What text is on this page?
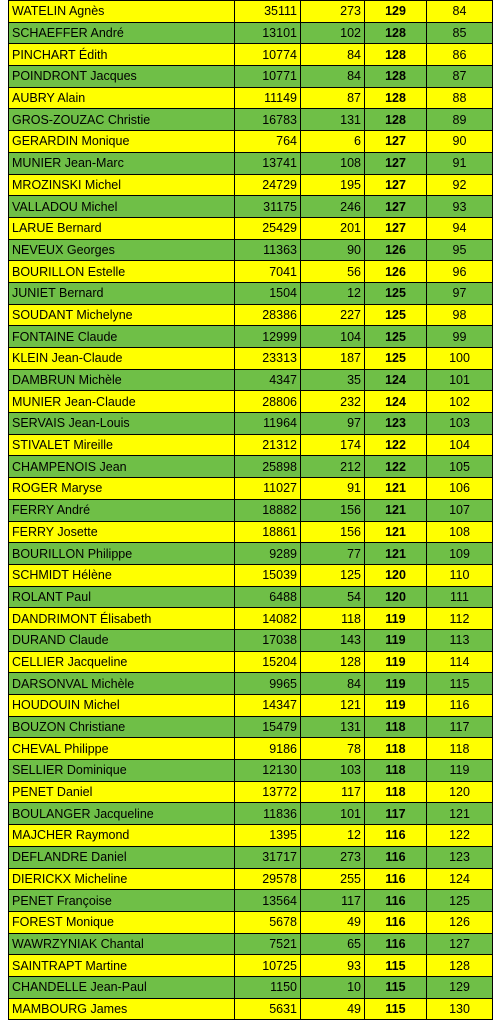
WATELIN Agnès	35111	273	129	84
SCHAEFFER André	13101	102	128	85
PINCHART Édith	10774	84	128	86
POINDRONT Jacques	10771	84	128	87
AUBRY Alain	11149	87	128	88
GROS-ZOUZAC Christie	16783	131	128	89
GERARDIN Monique	764	6	127	90
MUNIER Jean-Marc	13741	108	127	91
MROZINSKI Michel	24729	195	127	92
VALLADOU Michel	31175	246	127	93
LARUE Bernard	25429	201	127	94
NEVEUX Georges	11363	90	126	95
BOURILLON Estelle	7041	56	126	96
JUNIET Bernard	1504	12	125	97
SOUDANT Michelyne	28386	227	125	98
FONTAINE Claude	12999	104	125	99
KLEIN Jean-Claude	23313	187	125	100
DAMBRUN Michèle	4347	35	124	101
MUNIER Jean-Claude	28806	232	124	102
SERVAIS Jean-Louis	11964	97	123	103
STIVALET Mireille	21312	174	122	104
CHAMPENOIS Jean	25898	212	122	105
ROGER Maryse	11027	91	121	106
FERRY André	18882	156	121	107
FERRY Josette	18861	156	121	108
BOURILLON Philippe	9289	77	121	109
SCHMIDT Hélène	15039	125	120	110
ROLANT Paul	6488	54	120	111
DANDRIMONT Élisabeth	14082	118	119	112
DURAND Claude	17038	143	119	113
CELLIER Jacqueline	15204	128	119	114
DARSONVAL Michèle	9965	84	119	115
HOUDOUIN Michel	14347	121	119	116
BOUZON Christiane	15479	131	118	117
CHEVAL Philippe	9186	78	118	118
SELLIER Dominique	12130	103	118	119
PENET Daniel	13772	117	118	120
BOULANGER Jacqueline	11836	101	117	121
MAJCHER Raymond	1395	12	116	122
DEFLANDRE Daniel	31717	273	116	123
DIERICKX Micheline	29578	255	116	124
PENET Françoise	13564	117	116	125
FOREST Monique	5678	49	116	126
WAWRZYNIAK Chantal	7521	65	116	127
SAINTRAPT Martine	10725	93	115	128
CHANDELLE Jean-Paul	1150	10	115	129
MAMBOURG James	5631	49	115	130
